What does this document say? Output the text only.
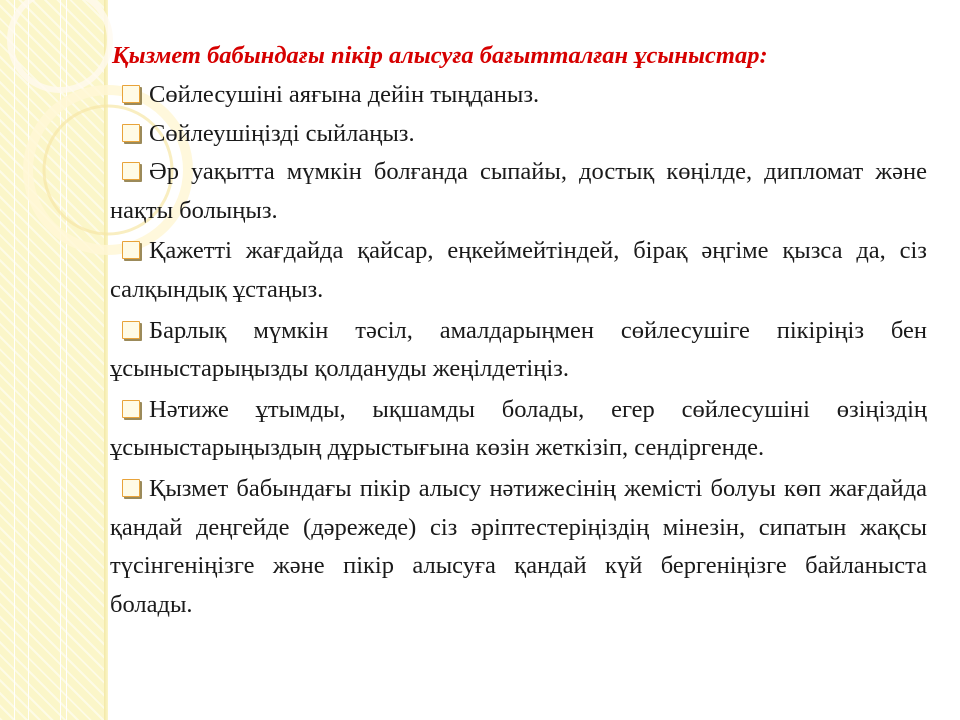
Қызмет бабындағы пікір алысуға бағытталған ұсыныстар:

Сөйлесушіні аяғына дейін тыңданыз.

Сөйлеушіңізді сыйлаңыз.

Әр уақытта мүмкін болғанда сыпайы, достық көңілде, дипломат және нақты болыңыз.

Қажетті жағдайда қайсар, еңкеймейтіндей, бірақ әңгіме қызса да, сіз салқындық ұстаңыз.

Барлық мүмкін тәсіл, амалдарыңмен сөйлесушіге пікіріңіз бен ұсыныстарыңызды қолдануды жеңілдетіңіз.

Нәтиже ұтымды, ықшамды болады, егер сөйлесушіні өзіңіздің ұсыныстарыңыздың дұрыстығына көзін жеткізіп, сендіргенде.

Қызмет бабындағы пікір алысу нәтижесінің жемісті болуы көп жағдайда қандай деңгейде (дәрежеде) сіз әріптестеріңіздің мінезін, сипатын жақсы түсінгеніңізге және пікір алысуға қандай күй бергеніңізге байланыста болады.
